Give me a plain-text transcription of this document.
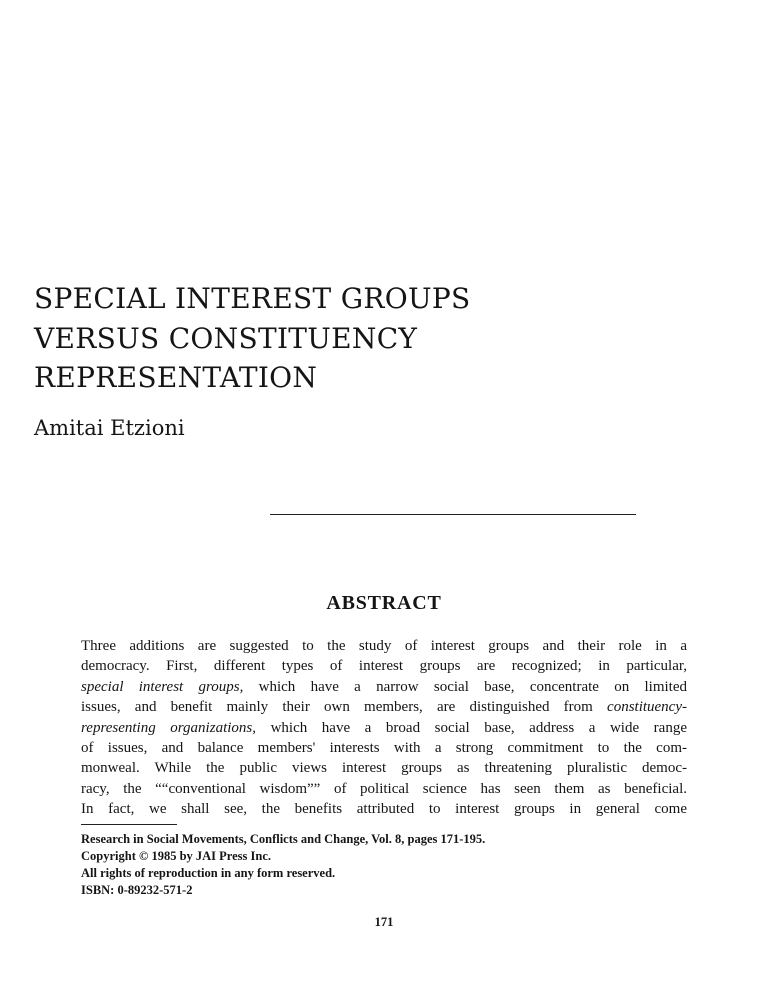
SPECIAL INTEREST GROUPS
VERSUS CONSTITUENCY
REPRESENTATION
Amitai Etzioni
ABSTRACT
Three additions are suggested to the study of interest groups and their role in a
democracy. First, different types of interest groups are recognized; in particular,
special interest groups, which have a narrow social base, concentrate on limited
issues, and benefit mainly their own members, are distinguished from constituency-
representing organizations, which have a broad social base, address a wide range
of issues, and balance members' interests with a strong commitment to the com-
monweal. While the public views interest groups as threatening pluralistic democ-
racy, the ““conventional wisdom”” of political science has seen them as beneficial.
In fact, we shall see, the benefits attributed to interest groups in general come
Research in Social Movements, Conflicts and Change, Vol. 8, pages 171-195.
Copyright © 1985 by JAI Press Inc.
All rights of reproduction in any form reserved.
ISBN: 0-89232-571-2
171
